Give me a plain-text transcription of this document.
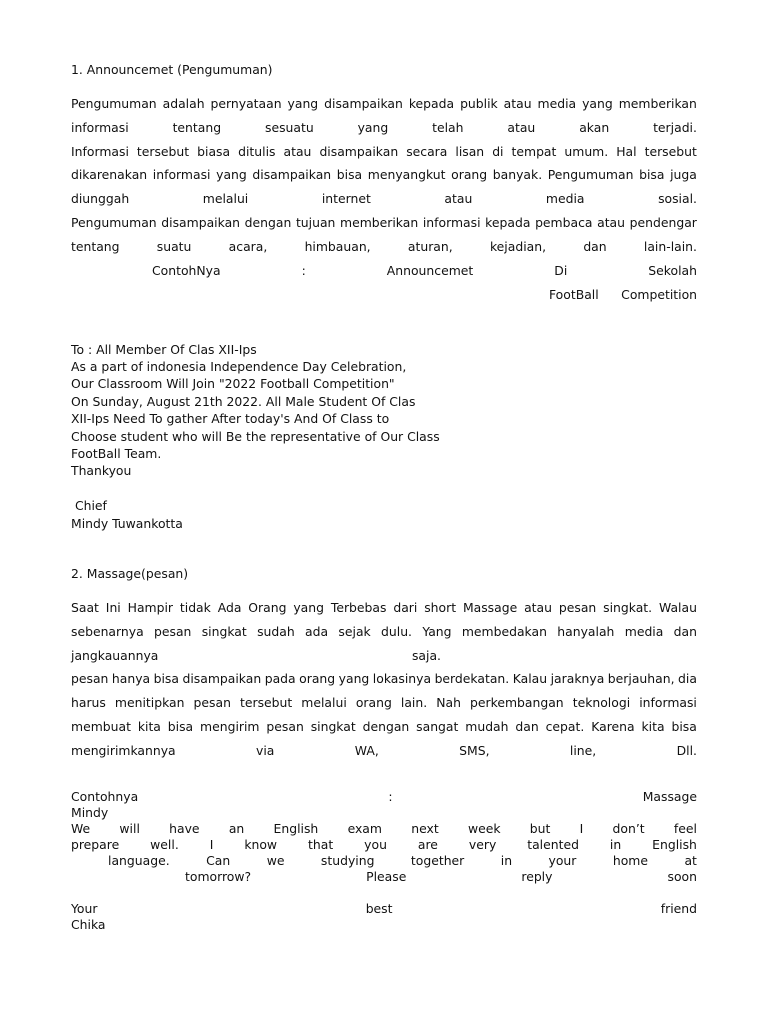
1. Announcemet (Pengumuman)
Pengumuman adalah pernyataan yang disampaikan kepada publik atau media yang memberikan
informasi	tentang	sesuatu	yang	telah	atau	akan	terjadi.
Informasi tersebut biasa ditulis atau disampaikan secara lisan di tempat umum. Hal tersebut
dikarenakan informasi yang disampaikan bisa menyangkut orang banyak. Pengumuman bisa juga
diunggah	melalui	internet	atau	media	sosial.
Pengumuman disampaikan dengan tujuan memberikan informasi kepada pembaca atau pendengar
tentang	suatu	acara,	himbauan,	aturan,	kejadian,	dan	lain-lain.
ContohNya	:	Announcemet	Di	Sekolah
FootBall Competition
To : All Member Of Clas XII-Ips
As a part of indonesia Independence Day Celebration,
Our Classroom Will Join "2022 Football Competition"
On Sunday, August 21th 2022. All Male Student Of Clas
XII-Ips Need To gather After today's And Of Class to
Choose student who will Be the representative of Our Class
FootBall Team.
Thankyou
Chief
Mindy Tuwankotta
2. Massage(pesan)
Saat Ini Hampir tidak Ada Orang yang Terbebas dari short Massage atau pesan singkat. Walau
sebenarnya pesan singkat sudah ada sejak dulu. Yang membedakan hanyalah media dan
jangkauannya	saja.
pesan hanya bisa disampaikan pada orang yang lokasinya berdekatan. Kalau jaraknya berjauhan, dia
harus menitipkan pesan tersebut melalui orang lain. Nah perkembangan teknologi informasi
membuat kita bisa mengirim pesan singkat dengan sangat mudah dan cepat. Karena kita bisa
mengirimkannya	via	WA,	SMS,	line,	Dll.
Contohnya	:	Massage
Mindy
We will have an English exam next week but I don’t feel
prepare well. I know that you are very talented in English
language.	Can	we	studying	together	in	your	home	at
tomorrow?	Please	reply	soon
Your	best	friend
Chika
